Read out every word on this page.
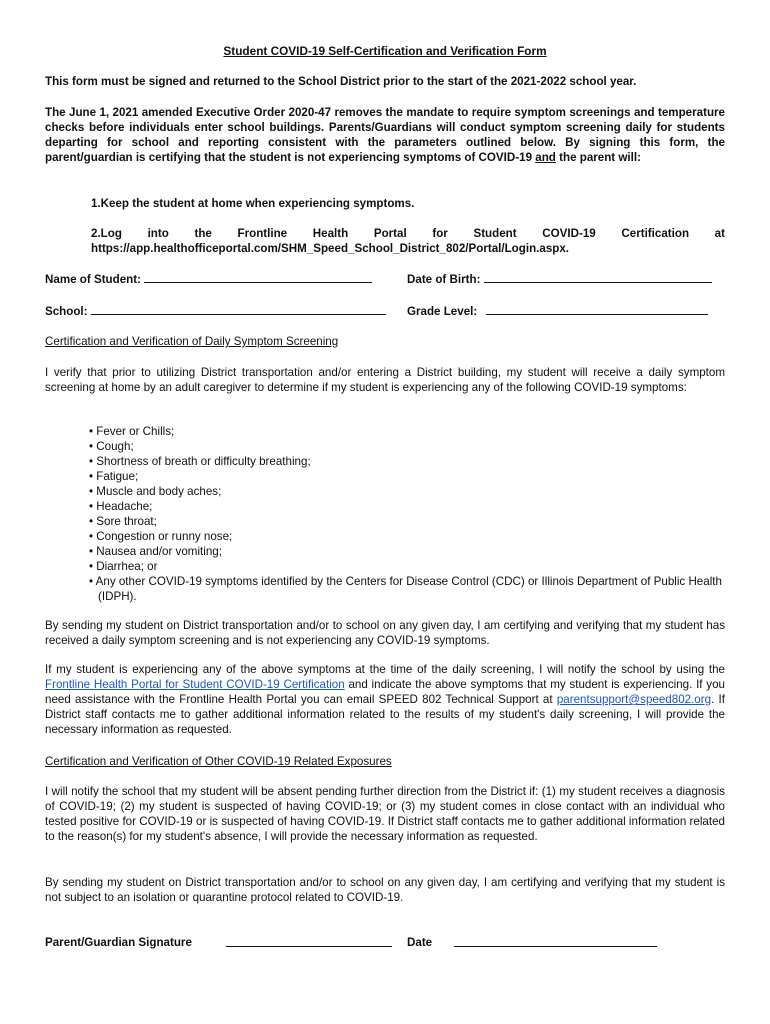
Student COVID-19 Self-Certification and Verification Form
This form must be signed and returned to the School District prior to the start of the 2021-2022 school year.
The June 1, 2021 amended Executive Order 2020-47 removes the mandate to require symptom screenings and temperature checks before individuals enter school buildings. Parents/Guardians will conduct symptom screening daily for students departing for school and reporting consistent with the parameters outlined below. By signing this form, the parent/guardian is certifying that the student is not experiencing symptoms of COVID-19 and the parent will:
1.Keep the student at home when experiencing symptoms.
2.Log into the Frontline Health Portal for Student COVID-19 Certification at https://app.healthofficeportal.com/SHM_Speed_School_District_802/Portal/Login.aspx.
Name of Student:	Date of Birth:
School:	Grade Level:
Certification and Verification of Daily Symptom Screening
I verify that prior to utilizing District transportation and/or entering a District building, my student will receive a daily symptom screening at home by an adult caregiver to determine if my student is experiencing any of the following COVID-19 symptoms:
• Fever or Chills;
• Cough;
• Shortness of breath or difficulty breathing;
• Fatigue;
• Muscle and body aches;
• Headache;
• Sore throat;
• Congestion or runny nose;
• Nausea and/or vomiting;
• Diarrhea; or
• Any other COVID-19 symptoms identified by the Centers for Disease Control (CDC) or Illinois Department of Public Health (IDPH).
By sending my student on District transportation and/or to school on any given day, I am certifying and verifying that my student has received a daily symptom screening and is not experiencing any COVID-19 symptoms.
If my student is experiencing any of the above symptoms at the time of the daily screening, I will notify the school by using the Frontline Health Portal for Student COVID-19 Certification and indicate the above symptoms that my student is experiencing. If you need assistance with the Frontline Health Portal you can email SPEED 802 Technical Support at parentsupport@speed802.org. If District staff contacts me to gather additional information related to the results of my student's daily screening, I will provide the necessary information as requested.
Certification and Verification of Other COVID-19 Related Exposures
I will notify the school that my student will be absent pending further direction from the District if: (1) my student receives a diagnosis of COVID-19; (2) my student is suspected of having COVID-19; or (3) my student comes in close contact with an individual who tested positive for COVID-19 or is suspected of having COVID-19. If District staff contacts me to gather additional information related to the reason(s) for my student's absence, I will provide the necessary information as requested.
By sending my student on District transportation and/or to school on any given day, I am certifying and verifying that my student is not subject to an isolation or quarantine protocol related to COVID-19.
Parent/Guardian Signature	Date
